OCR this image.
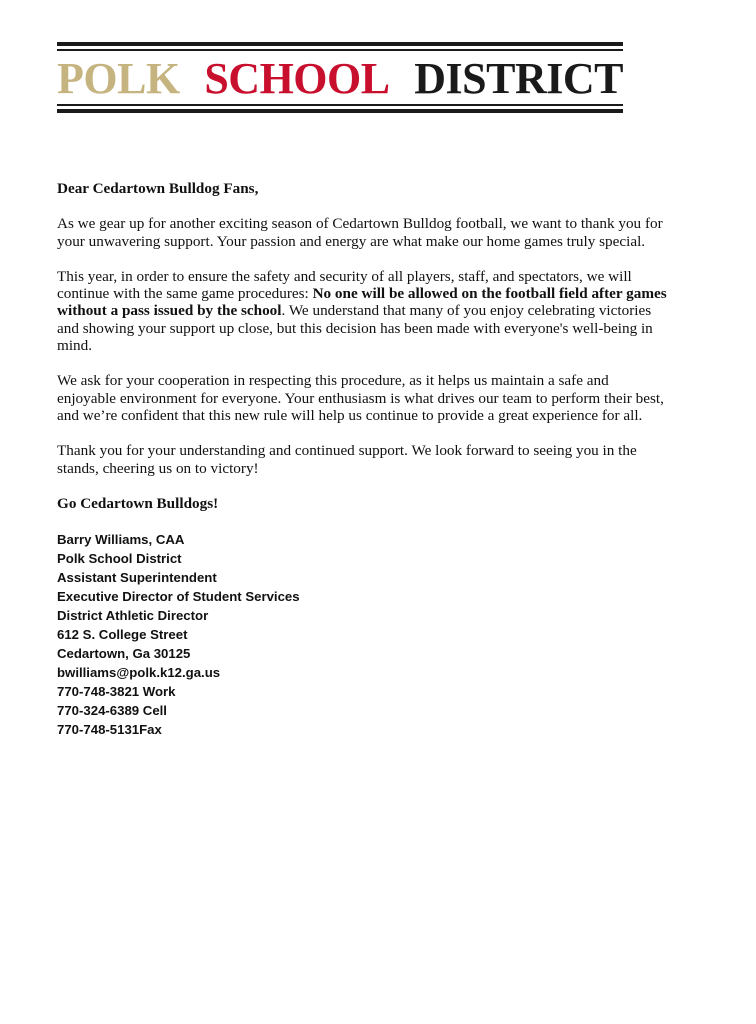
POLK SCHOOL DISTRICT

Dear Cedartown Bulldog Fans,

As we gear up for another exciting season of Cedartown Bulldog football, we want to thank you for your unwavering support. Your passion and energy are what make our home games truly special.

This year, in order to ensure the safety and security of all players, staff, and spectators, we will continue with the same game procedures: No one will be allowed on the football field after games without a pass issued by the school. We understand that many of you enjoy celebrating victories and showing your support up close, but this decision has been made with everyone's well-being in mind.

We ask for your cooperation in respecting this procedure, as it helps us maintain a safe and enjoyable environment for everyone. Your enthusiasm is what drives our team to perform their best, and we’re confident that this new rule will help us continue to provide a great experience for all.

Thank you for your understanding and continued support. We look forward to seeing you in the stands, cheering us on to victory!

Go Cedartown Bulldogs!

Barry Williams, CAA
Polk School District
Assistant Superintendent
Executive Director of Student Services
District Athletic Director
612 S. College Street
Cedartown, Ga 30125
bwilliams@polk.k12.ga.us
770-748-3821 Work
770-324-6389 Cell
770-748-5131Fax
